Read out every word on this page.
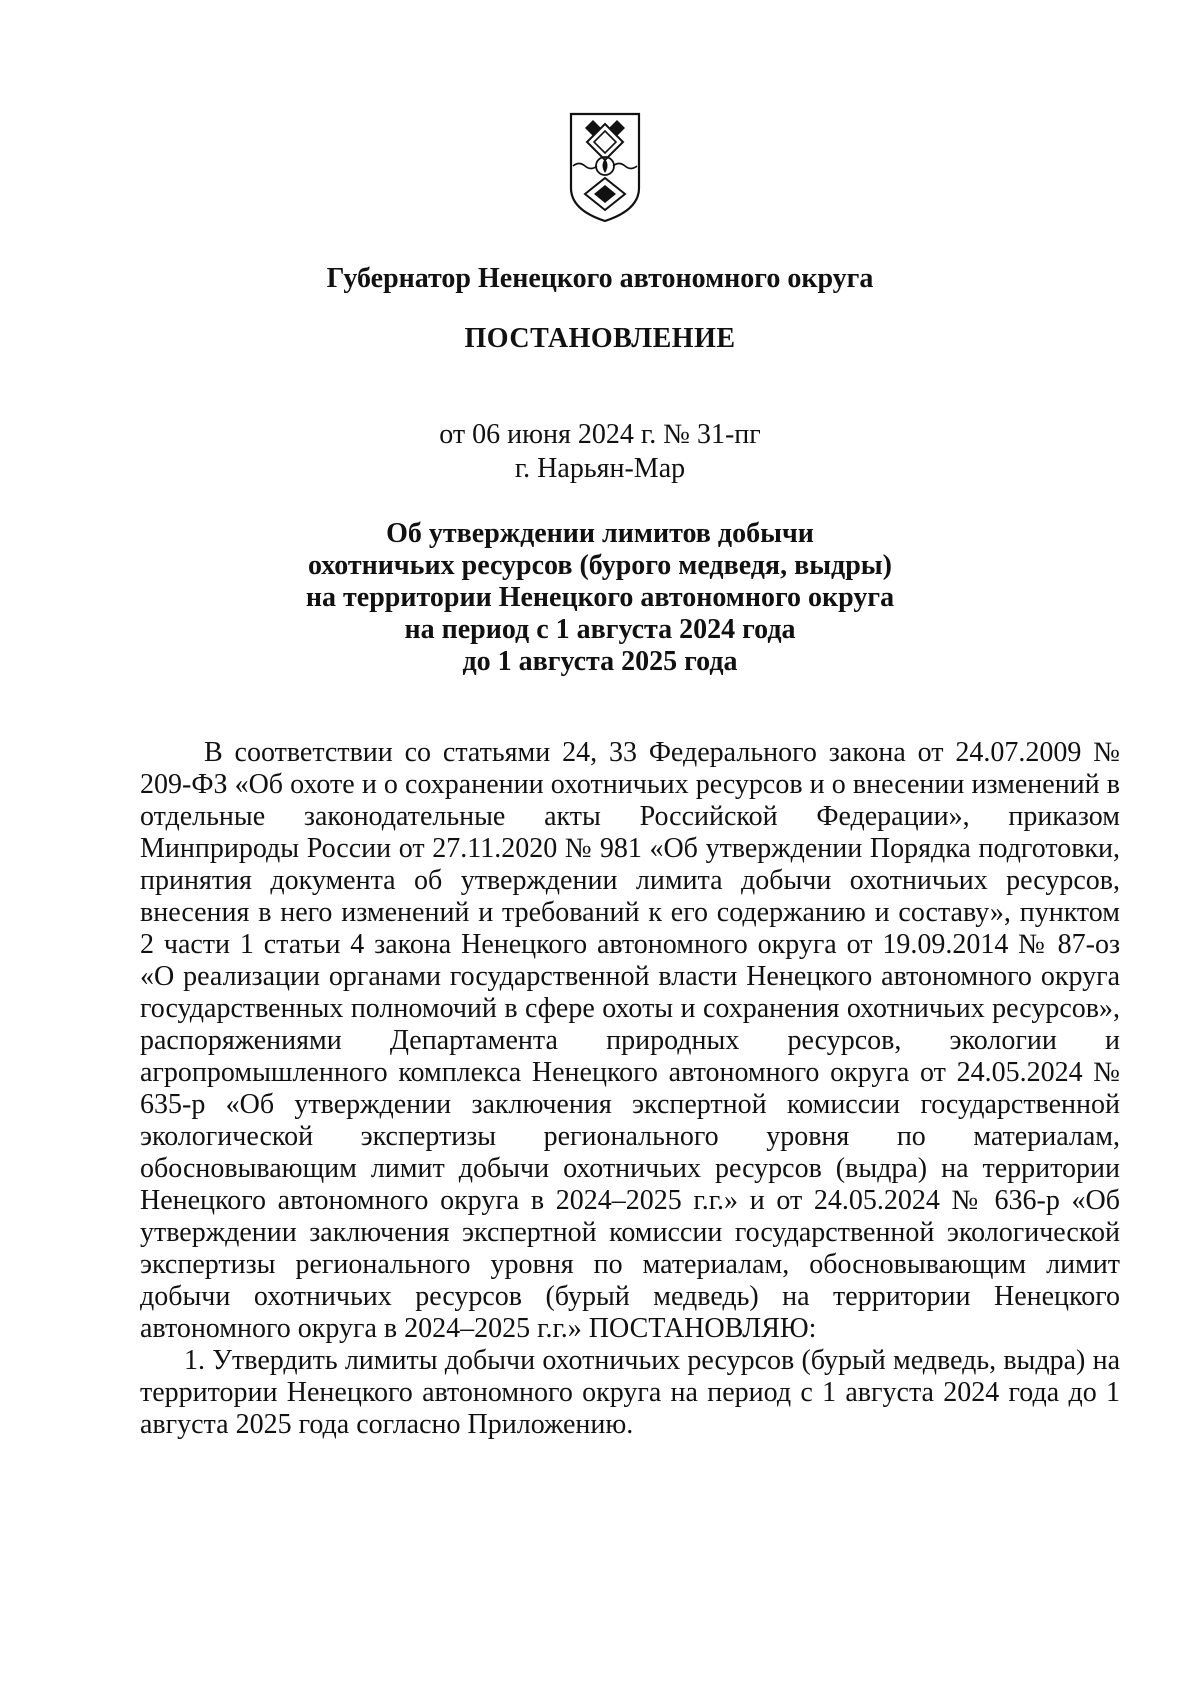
Губернатор Ненецкого автономного округа
ПОСТАНОВЛЕНИЕ
от 06 июня 2024 г. № 31-пг
г. Нарьян-Мар
Об утверждении лимитов добычи
охотничьих ресурсов (бурого медведя, выдры)
на территории Ненецкого автономного округа
на период с 1 августа 2024 года
до 1 августа 2025 года

В соответствии со статьями 24, 33 Федерального закона от 24.07.2009 № 209-ФЗ «Об охоте и о сохранении охотничьих ресурсов и о внесении изменений в отдельные законодательные акты Российской Федерации», приказом Минприроды России от 27.11.2020 № 981 «Об утверждении Порядка подготовки, принятия документа об утверждении лимита добычи охотничьих ресурсов, внесения в него изменений и требований к его содержанию и составу», пунктом 2 части 1 статьи 4 закона Ненецкого автономного округа от 19.09.2014 № 87-оз «О реализации органами государственной власти Ненецкого автономного округа государственных полномочий в сфере охоты и сохранения охотничьих ресурсов», распоряжениями Департамента природных ресурсов, экологии и агропромышленного комплекса Ненецкого автономного округа от 24.05.2024 № 635-р «Об утверждении заключения экспертной комиссии государственной экологической экспертизы регионального уровня по материалам, обосновывающим лимит добычи охотничьих ресурсов (выдра) на территории Ненецкого автономного округа в 2024–2025 г.г.» и от 24.05.2024 № 636-р «Об утверждении заключения экспертной комиссии государственной экологической экспертизы регионального уровня по материалам, обосновывающим лимит добычи охотничьих ресурсов (бурый медведь) на территории Ненецкого автономного округа в 2024–2025 г.г.» ПОСТАНОВЛЯЮ:

1. Утвердить лимиты добычи охотничьих ресурсов (бурый медведь, выдра) на территории Ненецкого автономного округа на период с 1 августа 2024 года до 1 августа 2025 года согласно Приложению.
